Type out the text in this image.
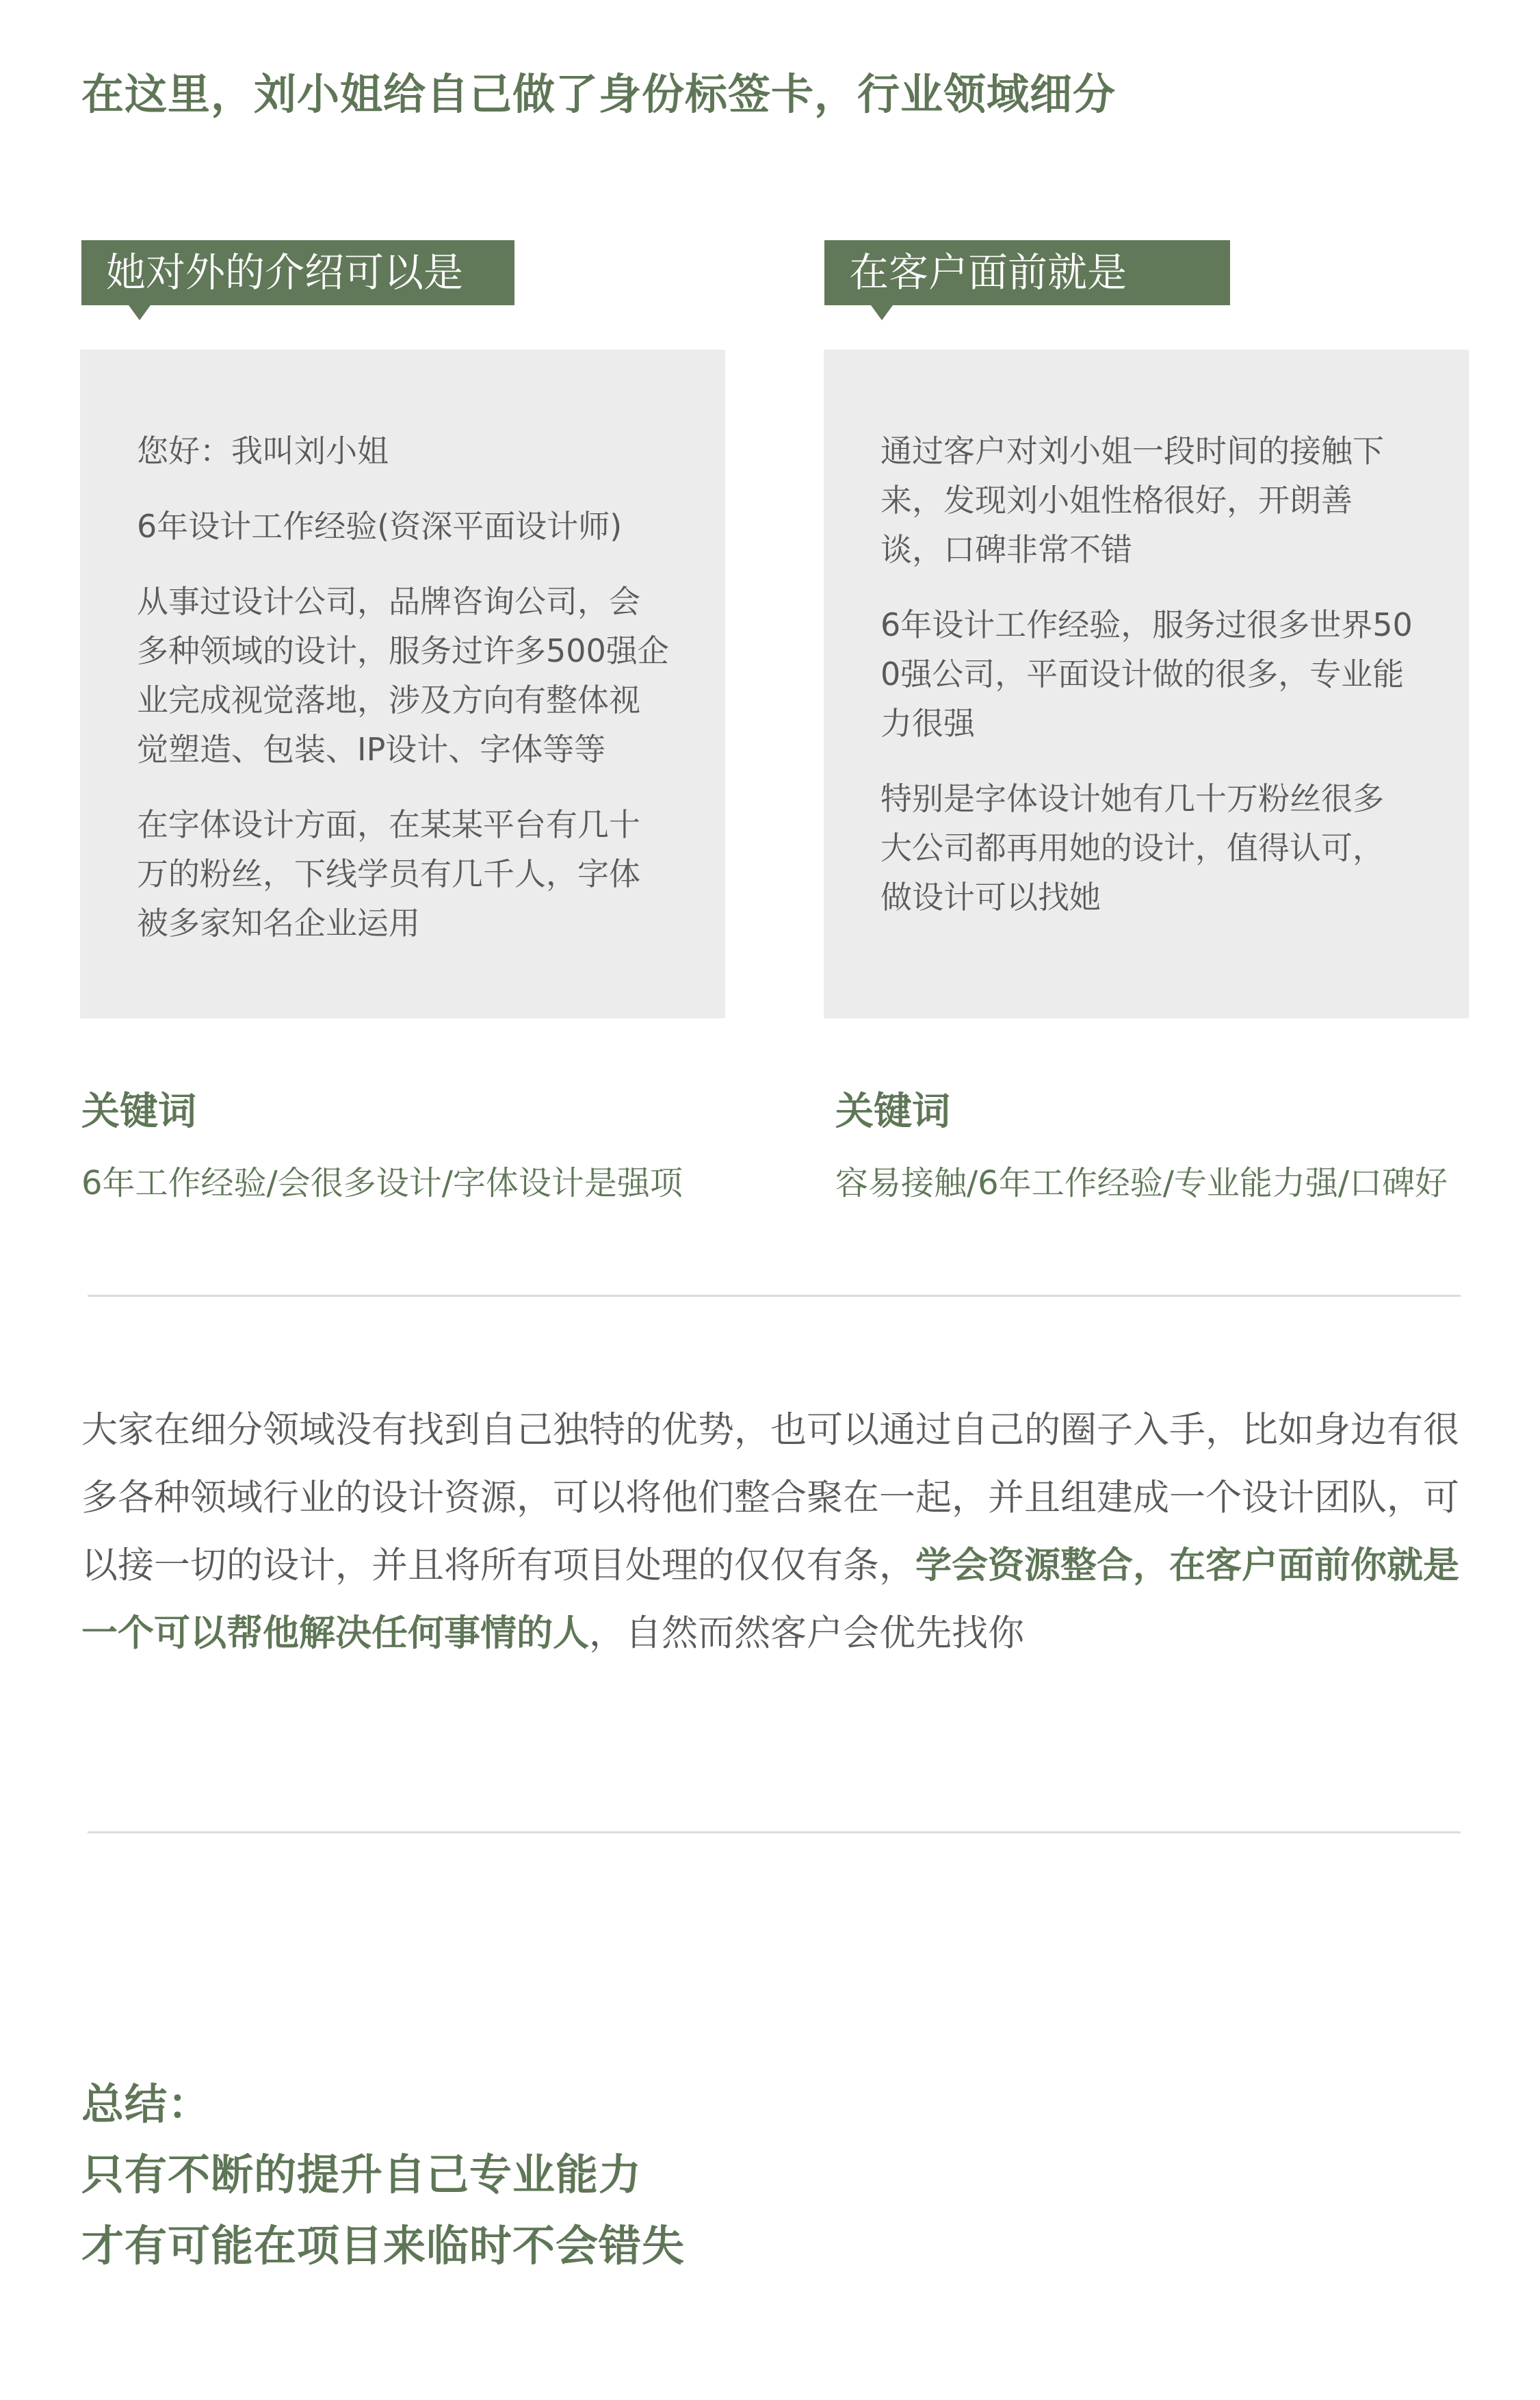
在这里，刘小姐给自己做了身份标签卡，行业领域细分
她对外的介绍可以是

您好：我叫刘小姐

6年设计工作经验(资深平面设计师)

从事过设计公司，品牌咨询公司，会多种领域的设计，服务过许多500强企业完成视觉落地，涉及方向有整体视觉塑造、包装、IP设计、字体等等

在字体设计方面，在某某平台有几十万的粉丝，下线学员有几千人，字体被多家知名企业运用

关键词
6年工作经验/会很多设计/字体设计是强项
在客户面前就是

通过客户对刘小姐一段时间的接触下来，发现刘小姐性格很好，开朗善谈，口碑非常不错

6年设计工作经验，服务过很多世界500强公司，平面设计做的很多，专业能力很强

特别是字体设计她有几十万粉丝很多大公司都再用她的设计，值得认可，做设计可以找她

关键词
容易接触/6年工作经验/专业能力强/口碑好
大家在细分领域没有找到自己独特的优势，也可以通过自己的圈子入手，比如身边有很多各种领域行业的设计资源，可以将他们整合聚在一起，并且组建成一个设计团队，可以接一切的设计，并且将所有项目处理的仅仅有条，学会资源整合，在客户面前你就是一个可以帮他解决任何事情的人，自然而然客户会优先找你
总结：
只有不断的提升自己专业能力
才有可能在项目来临时不会错失
